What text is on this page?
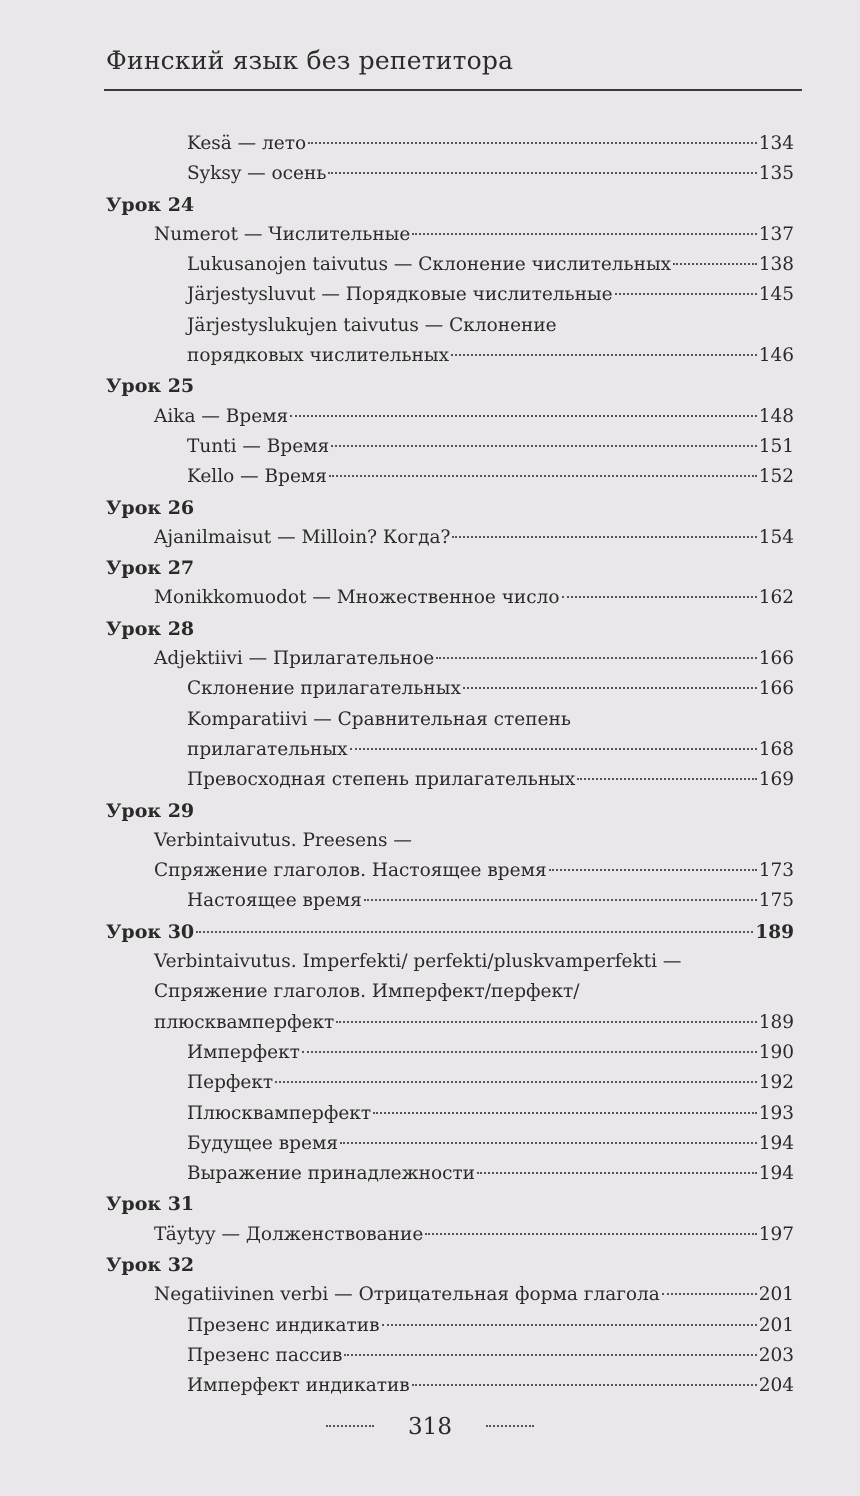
Финский язык без репетитора
Kesä — лето	134
Syksy — осень	135
Урок 24
Numerot — Числительные	137
Lukusanojen taivutus — Склонение числительных	138
Järjestysluvut — Порядковые числительные	145
Järjestyslukujen taivutus — Склонение
порядковых числительных	146
Урок 25
Aika — Время	148
Tunti — Время	151
Kello — Время	152
Урок 26
Ajanilmaisut — Milloin? Когда?	154
Урок 27
Monikkomuodot — Множественное число	162
Урок 28
Adjektiivi — Прилагательное	166
Склонение прилагательных	166
Komparatiivi — Сравнительная степень
прилагательных	168
Превосходная степень прилагательных	169
Урок 29
Verbintaivutus. Preesens —
Спряжение глаголов. Настоящее время	173
Настоящее время	175
Урок 30	189
Verbintaivutus. Imperfekti/ perfekti/pluskvamperfekti —
Спряжение глаголов. Имперфект/перфект/
плюсквамперфект	189
Имперфект	190
Перфект	192
Плюсквамперфект	193
Будущее время	194
Выражение принадлежности	194
Урок 31
Täytyy — Долженствование	197
Урок 32
Negatiivinen verbi — Отрицательная форма глагола	201
Презенс индикатив	201
Презенс пассив	203
Имперфект индикатив	204
318
